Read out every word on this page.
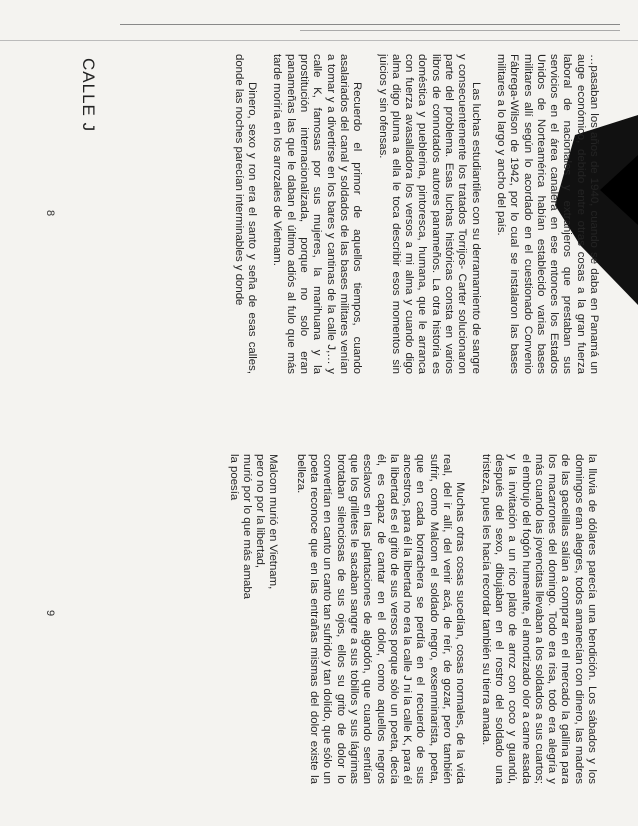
CALLE J	…pasaban los años de 1940, cuando se daba en Panamá un auge económico, debido entre otras cosas a la gran fuerza laboral de nacionales y extranjeros que prestaban sus servicios en el área canalera en ese entonces los Estados Unidos de Norteamérica habían establecido varias bases militares allí según lo acordado en el cuestionado Convenio Fábrega-Wilson de 1942, por lo cual se instalaron las bases militares a lo largo y ancho del país.

Las luchas estudiantiles con su derramamiento de sangre y consecuentemente los tratados Torrijos- Carter solucionaron parte del problema. Esas luchas históricas consta en varios libros de connotados autores panameños. La otra historia es doméstica y pueblerina, pintoresca, humana, que le arranca con fuerza avasalladora los versos a mi alma y cuando digo alma digo pluma a ella le toca describir esos momentos sin juicios y sin ofensas.

Recuerdo el primor de aquellos tiempos, cuando asalariados del canal y soldados de las bases militares venían a tomar y a divertirse en los bares y cantinas de la calle J,… y calle K, famosas por sus mujeres, la marihuana y la prostitución internacionalizada, porque no solo eran panameñas las que le daban el último adiós al fulo que más tarde moriría en los arrozales de Vietnam.

Dinero, sexo y ron era el santo y seña de esas calles, donde las noches parecían interminables y donde

8

la lluvia de dólares parecía una bendición. Los sábados y los domingos eran alegres, todos amanecían con dinero, las madres de las gacelillas salían a comprar en el mercado la gallina para los macarrones del domingo. Todo era risa, todo era alegría y más cuando las jovencitas llevaban a los soldados a sus cuartos; el embrujo del fogón humeante, el amortizado olor a carne asada y la invitación a un rico plato de arroz con coco y guandú, después del sexo, dibujaban en el rostro del soldado una tristeza, pues les hacía recordar también su tierra amada.

Muchas otras cosas sucedían, cosas normales, de la vida real, del ir allí, del venir acá, de reír, de gozar, pero también sufrir, como Malcom el soldado negro, exsenminarista, poeta, que en cada borrachera se perdía en el recuerdo de sus ancestros, para él la libertad no era la calle J ni la calle K, para él la libertad es el grito de sus versos porque sólo un poeta, decía él, es capaz de cantar en el dolor, como aquellos negros esclavos en las plantaciones de algodón, que cuando sentían que los grilletes le sacaban sangre a sus tobillos y sus lágrimas brotaban silenciosas de sus ojos, ellos su grito de dolor lo convertían en canto un canto tan sufrido y tan dolido, que sólo un poeta reconoce que en las entrañas mismas del dolor existe la belleza.

Malcom murió en Vietnam,
pero no por la libertad,
murió por lo que más amaba
la poesía
9
